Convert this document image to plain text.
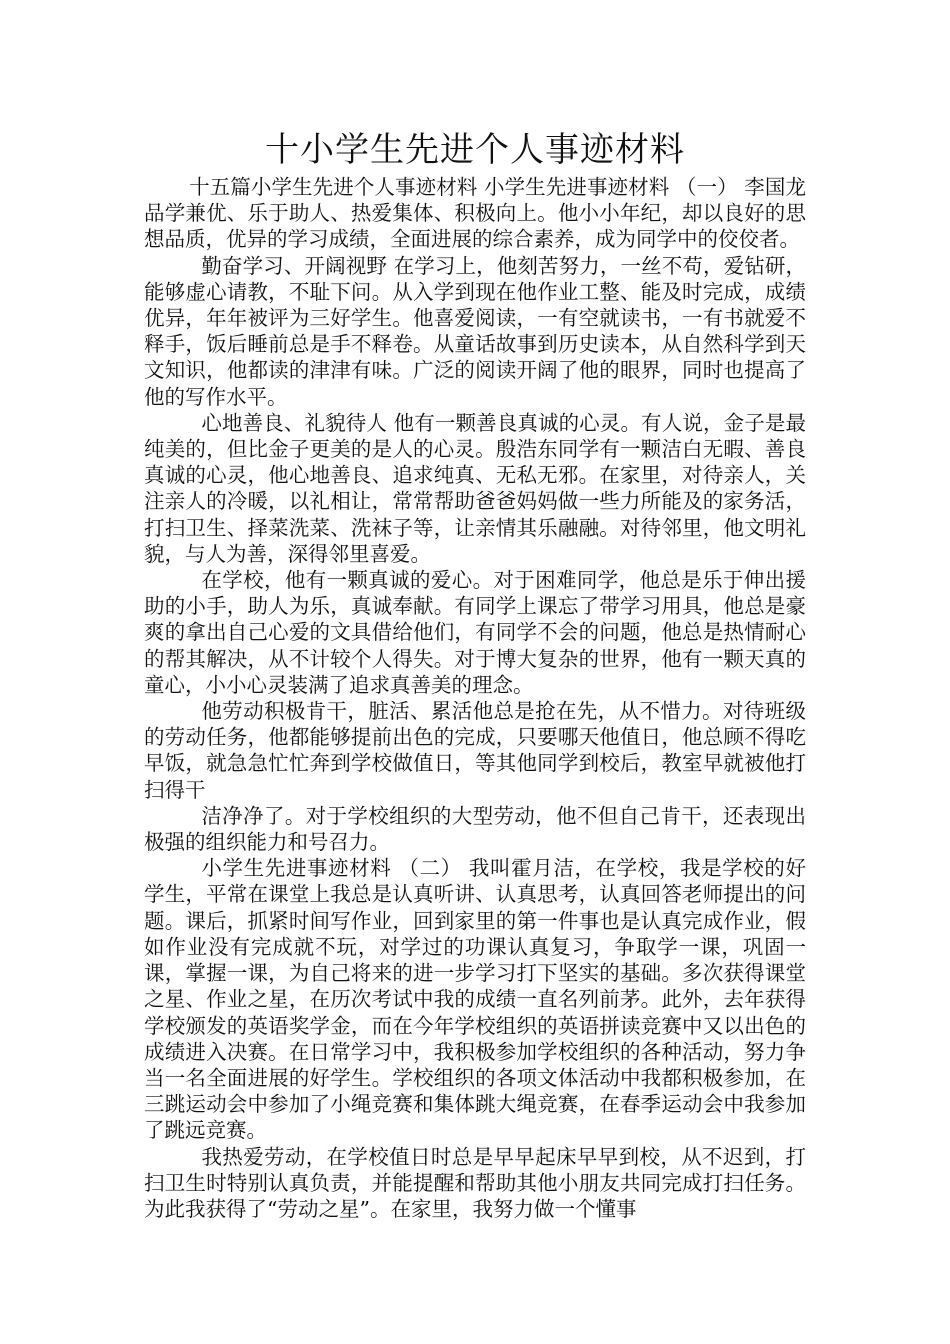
十小学生先进个人事迹材料

十五篇小学生先进个人事迹材料 小学生先进事迹材料 （一） 李国龙品学兼优、乐于助人、热爱集体、积极向上。他小小年纪，却以良好的思想品质，优异的学习成绩，全面进展的综合素养，成为同学中的佼佼者。

勤奋学习、开阔视野 在学习上，他刻苦努力，一丝不苟，爱钻研，能够虚心请教，不耻下问。从入学到现在他作业工整、能及时完成，成绩优异，年年被评为三好学生。他喜爱阅读，一有空就读书，一有书就爱不释手，饭后睡前总是手不释卷。从童话故事到历史读本，从自然科学到天文知识，他都读的津津有味。广泛的阅读开阔了他的眼界，同时也提高了他的写作水平。

心地善良、礼貌待人 他有一颗善良真诚的心灵。有人说，金子是最纯美的，但比金子更美的是人的心灵。殷浩东同学有一颗洁白无暇、善良真诚的心灵，他心地善良、追求纯真、无私无邪。在家里，对待亲人，关注亲人的冷暖，以礼相让，常常帮助爸爸妈妈做一些力所能及的家务活，打扫卫生、择菜洗菜、洗袜子等，让亲情其乐融融。对待邻里，他文明礼貌，与人为善，深得邻里喜爱。

在学校，他有一颗真诚的爱心。对于困难同学，他总是乐于伸出援助的小手，助人为乐，真诚奉献。有同学上课忘了带学习用具，他总是豪爽的拿出自己心爱的文具借给他们，有同学不会的问题，他总是热情耐心的帮其解决，从不计较个人得失。对于博大复杂的世界，他有一颗天真的童心，小小心灵装满了追求真善美的理念。

他劳动积极肯干，脏活、累活他总是抢在先，从不惜力。对待班级的劳动任务，他都能够提前出色的完成，只要哪天他值日，他总顾不得吃早饭，就急急忙忙奔到学校做值日，等其他同学到校后，教室早就被他打扫得干

洁净净了。对于学校组织的大型劳动，他不但自己肯干，还表现出极强的组织能力和号召力。

小学生先进事迹材料 （二） 我叫霍月洁，在学校，我是学校的好学生，平常在课堂上我总是认真听讲、认真思考，认真回答老师提出的问题。课后，抓紧时间写作业，回到家里的第一件事也是认真完成作业，假如作业没有完成就不玩，对学过的功课认真复习，争取学一课，巩固一课，掌握一课，为自己将来的进一步学习打下坚实的基础。多次获得课堂之星、作业之星，在历次考试中我的成绩一直名列前茅。此外，去年获得学校颁发的英语奖学金，而在今年学校组织的英语拼读竞赛中又以出色的成绩进入决赛。在日常学习中，我积极参加学校组织的各种活动，努力争当一名全面进展的好学生。学校组织的各项文体活动中我都积极参加，在三跳运动会中参加了小绳竞赛和集体跳大绳竞赛，在春季运动会中我参加了跳远竞赛。

我热爱劳动，在学校值日时总是早早起床早早到校，从不迟到，打扫卫生时特别认真负责，并能提醒和帮助其他小朋友共同完成打扫任务。为此我获得了“劳动之星”。在家里，我努力做一个懂事
